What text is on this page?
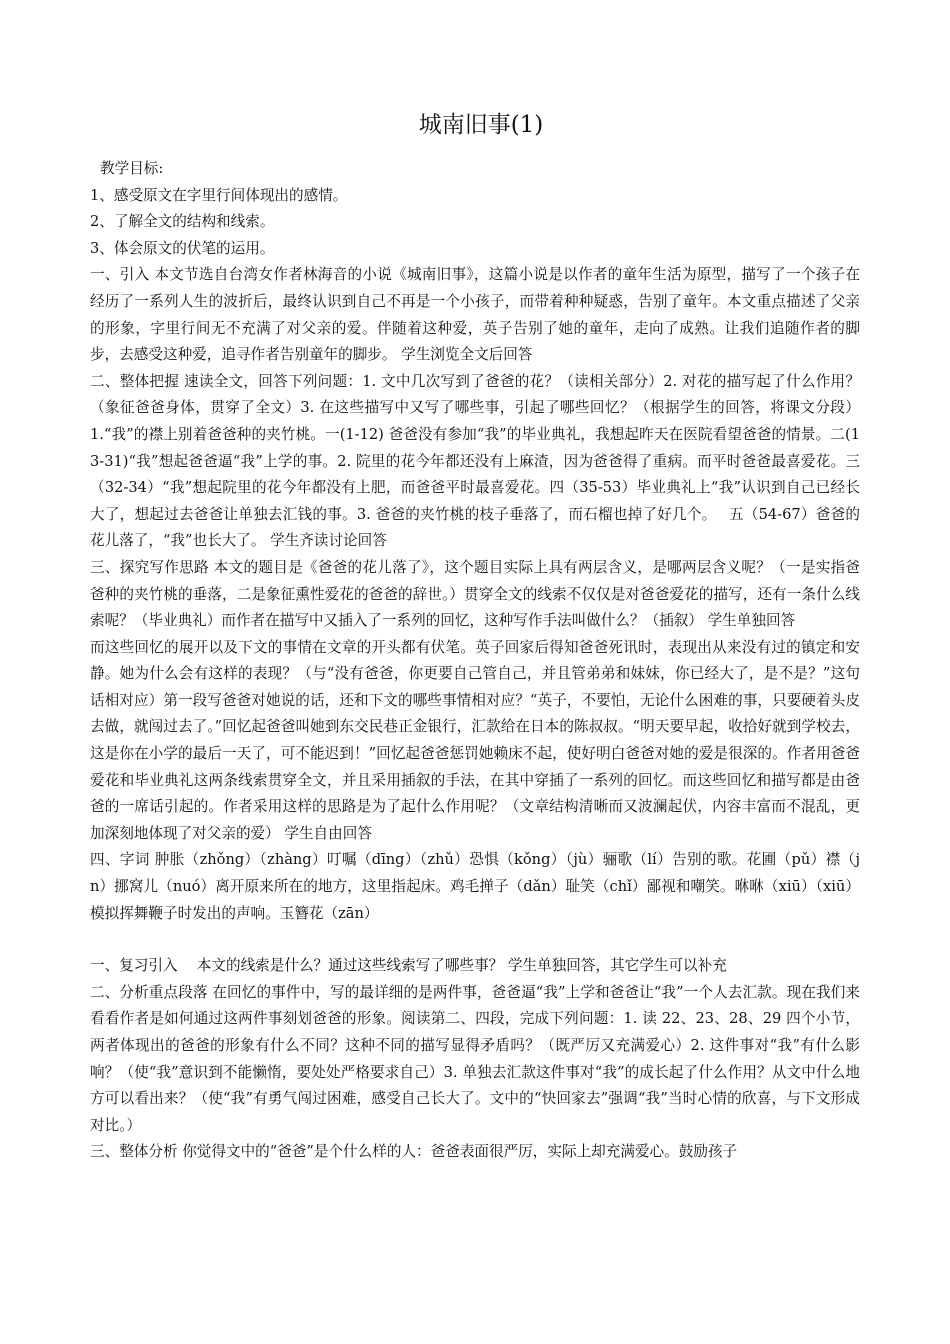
城南旧事(1)

教学目标:

1、感受原文在字里行间体现出的感情。

2、了解全文的结构和线索。

3、体会原文的伏笔的运用。

一、引入 本文节选自台湾女作者林海音的小说《城南旧事》，这篇小说是以作者的童年生活为原型，描写了一个孩子在经历了一系列人生的波折后，最终认识到自己不再是一个小孩子，而带着种种疑惑，告别了童年。本文重点描述了父亲的形象，字里行间无不充满了对父亲的爱。伴随着这种爱，英子告别了她的童年，走向了成熟。让我们追随作者的脚步，去感受这种爱，追寻作者告别童年的脚步。 学生浏览全文后回答

二、整体把握 速读全文，回答下列问题：1. 文中几次写到了爸爸的花？（读相关部分）2. 对花的描写起了什么作用？（象征爸爸身体，贯穿了全文）3. 在这些描写中又写了哪些事，引起了哪些回忆？（根据学生的回答，将课文分段）1.“我”的襟上别着爸爸种的夹竹桃。一(1-12) 爸爸没有参加“我”的毕业典礼，我想起昨天在医院看望爸爸的情景。二(13-31)“我”想起爸爸逼“我”上学的事。2. 院里的花今年都还没有上麻渣，因为爸爸得了重病。而平时爸爸最喜爱花。三（32-34）“我”想起院里的花今年都没有上肥，而爸爸平时最喜爱花。四（35-53）毕业典礼上“我”认识到自己已经长大了，想起过去爸爸让单独去汇钱的事。3. 爸爸的夹竹桃的枝子垂落了，而石榴也掉了好几个。　 五（54-67）爸爸的花儿落了，“我”也长大了。 学生齐读讨论回答

三、探究写作思路 本文的题目是《爸爸的花儿落了》，这个题目实际上具有两层含义，是哪两层含义呢？（一是实指爸爸种的夹竹桃的垂落，二是象征熏性爱花的爸爸的辞世。）贯穿全文的线索不仅仅是对爸爸爱花的描写，还有一条什么线索呢？（毕业典礼）而作者在描写中又插入了一系列的回忆，这种写作手法叫做什么？（插叙） 学生单独回答

而这些回忆的展开以及下文的事情在文章的开头都有伏笔。英子回家后得知爸爸死讯时，表现出从来没有过的镇定和安静。她为什么会有这样的表现？（与“没有爸爸，你更要自己管自己，并且管弟弟和妹妹，你已经大了，是不是？”这句话相对应）第一段写爸爸对她说的话，还和下文的哪些事情相对应？“英子，不要怕，无论什么困难的事，只要硬着头皮去做，就闯过去了。”回忆起爸爸叫她到东交民巷正金银行，汇款给在日本的陈叔叔。“明天要早起，收拾好就到学校去，这是你在小学的最后一天了，可不能迟到！”回忆起爸爸惩罚她赖床不起，使好明白爸爸对她的爱是很深的。作者用爸爸爱花和毕业典礼这两条线索贯穿全文，并且采用插叙的手法，在其中穿插了一系列的回忆。而这些回忆和描写都是由爸爸的一席话引起的。作者采用这样的思路是为了起什么作用呢？（文章结构清晰而又波澜起伏，内容丰富而不混乱，更加深刻地体现了对父亲的爱） 学生自由回答

四、字词 肿胀（zhǒng）（zhàng）叮嘱（dīng）（zhǔ）恐惧（kǒng）（jù）骊歌（lí）告别的歌。花圃（pǔ）襟（jn）挪窝儿（nuó）离开原来所在的地方，这里指起床。鸡毛掸子（dǎn）耻笑（chǐ）鄙视和嘲笑。咻咻（xiū）（xiū）模拟挥舞鞭子时发出的声响。玉簪花（zān）

一、复习引入　 本文的线索是什么？通过这些线索写了哪些事？ 学生单独回答，其它学生可以补充

二、分析重点段落 在回忆的事件中，写的最详细的是两件事，爸爸逼“我”上学和爸爸让“我”一个人去汇款。现在我们来看看作者是如何通过这两件事刻划爸爸的形象。阅读第二、四段，完成下列问题：1. 读 22、23、28、29 四个小节，两者体现出的爸爸的形象有什么不同？这种不同的描写显得矛盾吗？（既严厉又充满爱心）2. 这件事对“我”有什么影响？（使“我”意识到不能懒惰，要处处严格要求自己）3. 单独去汇款这件事对“我”的成长起了什么作用？从文中什么地方可以看出来？（使“我”有勇气闯过困难，感受自己长大了。文中的“快回家去”强调“我”当时心情的欣喜，与下文形成对比。）

三、整体分析 你觉得文中的“爸爸”是个什么样的人：爸爸表面很严厉，实际上却充满爱心。鼓励孩子
